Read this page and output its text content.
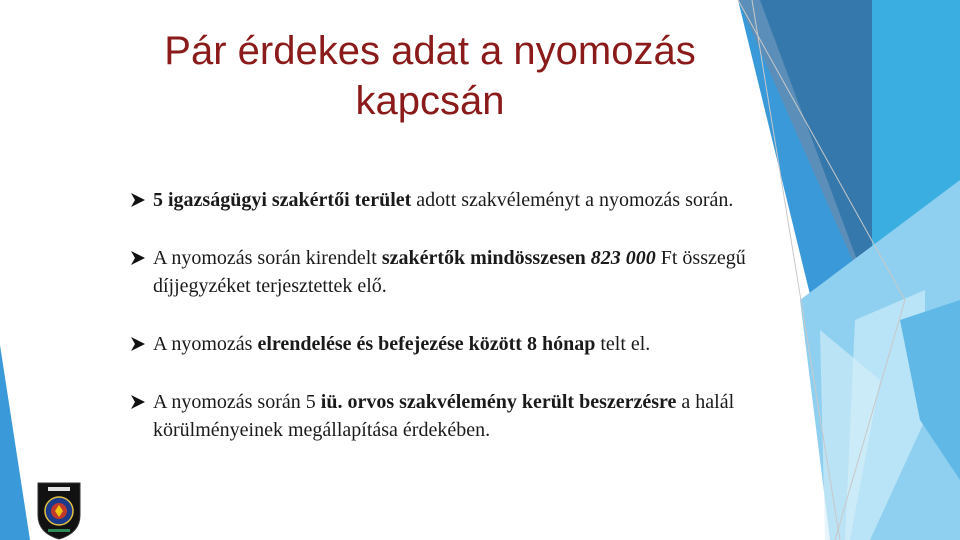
Pár érdekes adat a nyomozás
kapcsán
5 igazságügyi szakértői terület adott szakvéleményt a nyomozás során.
A nyomozás során kirendelt szakértők mindösszesen 823 000 Ft összegű díjjegyzéket terjesztettek elő.
A nyomozás elrendelése és befejezése között 8 hónap telt el.
A nyomozás során 5 iü. orvos szakvélemény került beszerzésre a halál körülményeinek megállapítása érdekében.
